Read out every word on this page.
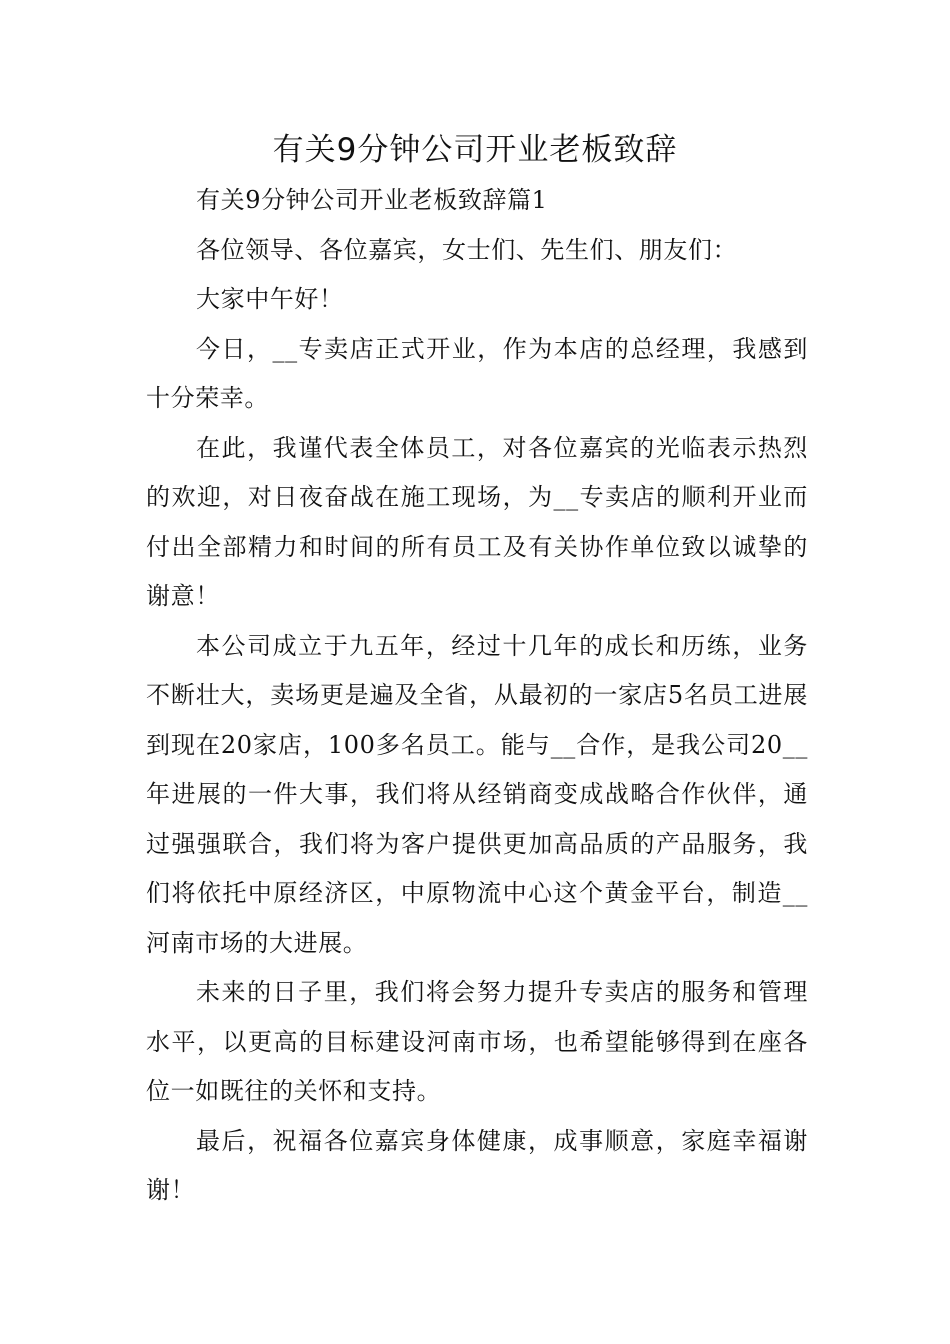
有关9分钟公司开业老板致辞

有关9分钟公司开业老板致辞篇1

各位领导、各位嘉宾，女士们、先生们、朋友们：

大家中午好！

今日，__专卖店正式开业，作为本店的总经理，我感到十分荣幸。

在此，我谨代表全体员工，对各位嘉宾的光临表示热烈的欢迎，对日夜奋战在施工现场，为__专卖店的顺利开业而付出全部精力和时间的所有员工及有关协作单位致以诚挚的谢意！

本公司成立于九五年，经过十几年的成长和历练，业务不断壮大，卖场更是遍及全省，从最初的一家店5名员工进展到现在20家店，100多名员工。能与__合作，是我公司20__年进展的一件大事，我们将从经销商变成战略合作伙伴，通过强强联合，我们将为客户提供更加高品质的产品服务，我们将依托中原经济区，中原物流中心这个黄金平台，制造__河南市场的大进展。

未来的日子里，我们将会努力提升专卖店的服务和管理水平，以更高的目标建设河南市场，也希望能够得到在座各位一如既往的关怀和支持。

最后，祝福各位嘉宾身体健康，成事顺意，家庭幸福谢谢！
